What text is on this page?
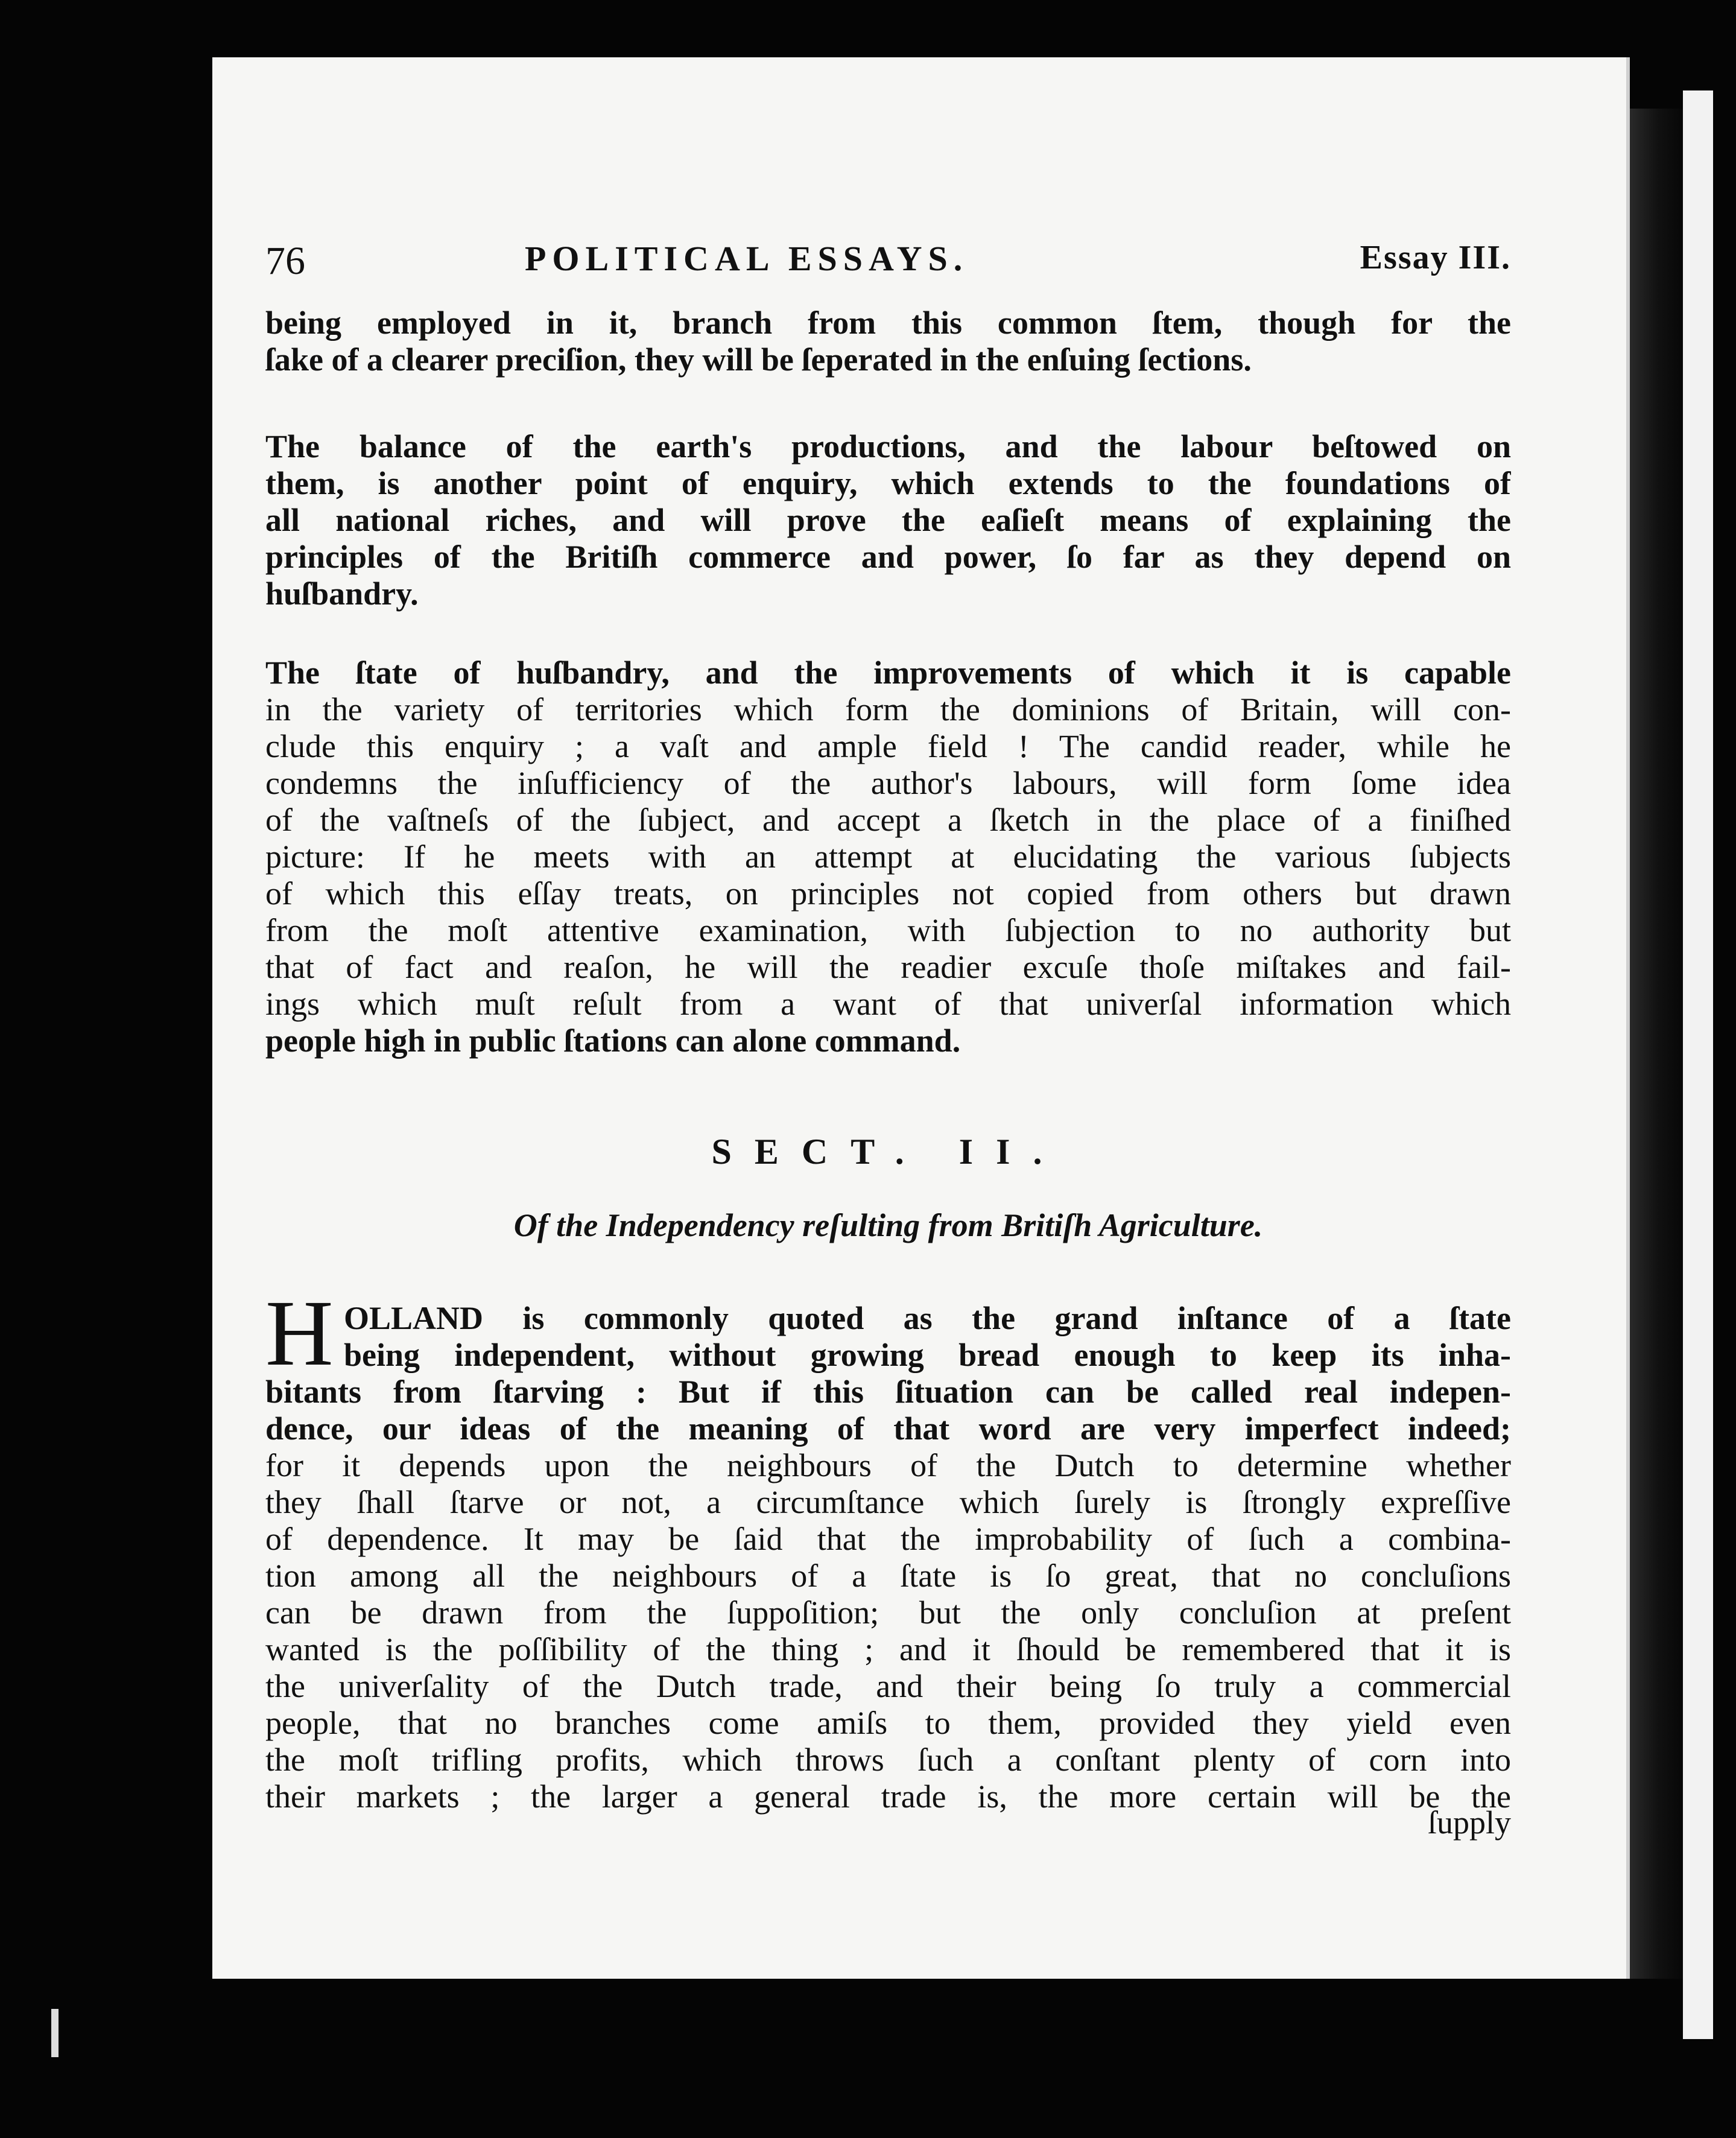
76	POLITICAL ESSAYS.	Essay III.
being employed in it, branch from this common ſtem, though for the
ſake of a clearer preciſion, they will be ſeperated in the enſuing ſections.
The balance of the earth's productions, and the labour beſtowed on
them, is another point of enquiry, which extends to the foundations of
all national riches, and will prove the eaſieſt means of explaining the
principles of the Britiſh commerce and power, ſo far as they depend on
huſbandry.
The ſtate of huſbandry, and the improvements of which it is capable
in the variety of territories which form the dominions of Britain, will con-
clude this enquiry ; a vaſt and ample field ! The candid reader, while he
condemns the inſufficiency of the author's labours, will form ſome idea
of the vaſtneſs of the ſubject, and accept a ſketch in the place of a finiſhed
picture: If he meets with an attempt at elucidating the various ſubjects
of which this eſſay treats, on principles not copied from others but drawn
from the moſt attentive examination, with ſubjection to no authority but
that of fact and reaſon, he will the readier excuſe thoſe miſtakes and fail-
ings which muſt reſult from a want of that univerſal information which
people high in public ſtations can alone command.
SECT. II.
Of the Independency reſulting from Britiſh Agriculture.
H OLLAND is commonly quoted as the grand inſtance of a ſtate
being independent, without growing bread enough to keep its inha-
bitants from ſtarving : But if this ſituation can be called real indepen-
dence, our ideas of the meaning of that word are very imperfect indeed;
for it depends upon the neighbours of the Dutch to determine whether
they ſhall ſtarve or not, a circumſtance which ſurely is ſtrongly expreſſive
of dependence. It may be ſaid that the improbability of ſuch a combina-
tion among all the neighbours of a ſtate is ſo great, that no concluſions
can be drawn from the ſuppoſition; but the only concluſion at preſent
wanted is the poſſibility of the thing ; and it ſhould be remembered that it is
the univerſality of the Dutch trade, and their being ſo truly a commercial
people, that no branches come amiſs to them, provided they yield even
the moſt trifling profits, which throws ſuch a conſtant plenty of corn into
their markets ; the larger a general trade is, the more certain will be the
ſupply
